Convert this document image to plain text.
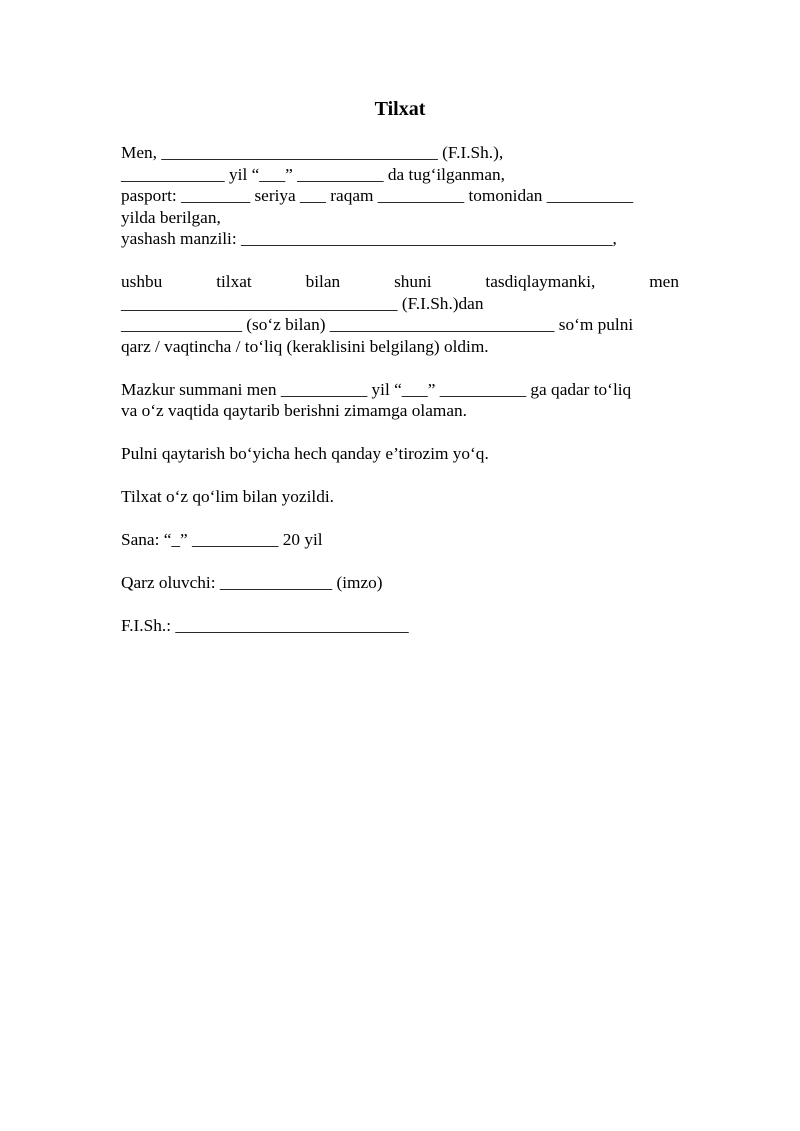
Tilxat
Men, ________________________________ (F.I.Sh.),
____________ yil “___” __________ da tug‘ilganman,
pasport: ________ seriya ___ raqam __________ tomonidan __________
yilda berilgan,
yashash manzili: ___________________________________________,
ushbu	tilxat	bilan	shuni	tasdiqlaymanki,	men
________________________________ (F.I.Sh.)dan
______________ (so‘z bilan) __________________________ so‘m pulni
qarz / vaqtincha / to‘liq (keraklisini belgilang) oldim.
Mazkur summani men __________ yil “___” __________ ga qadar to‘liq
va o‘z vaqtida qaytarib berishni zimamga olaman.
Pulni qaytarish bo‘yicha hech qanday e’tirozim yo‘q.
Tilxat o‘z qo‘lim bilan yozildi.
Sana: “_” __________ 20 yil
Qarz oluvchi: _____________ (imzo)
F.I.Sh.: ___________________________
